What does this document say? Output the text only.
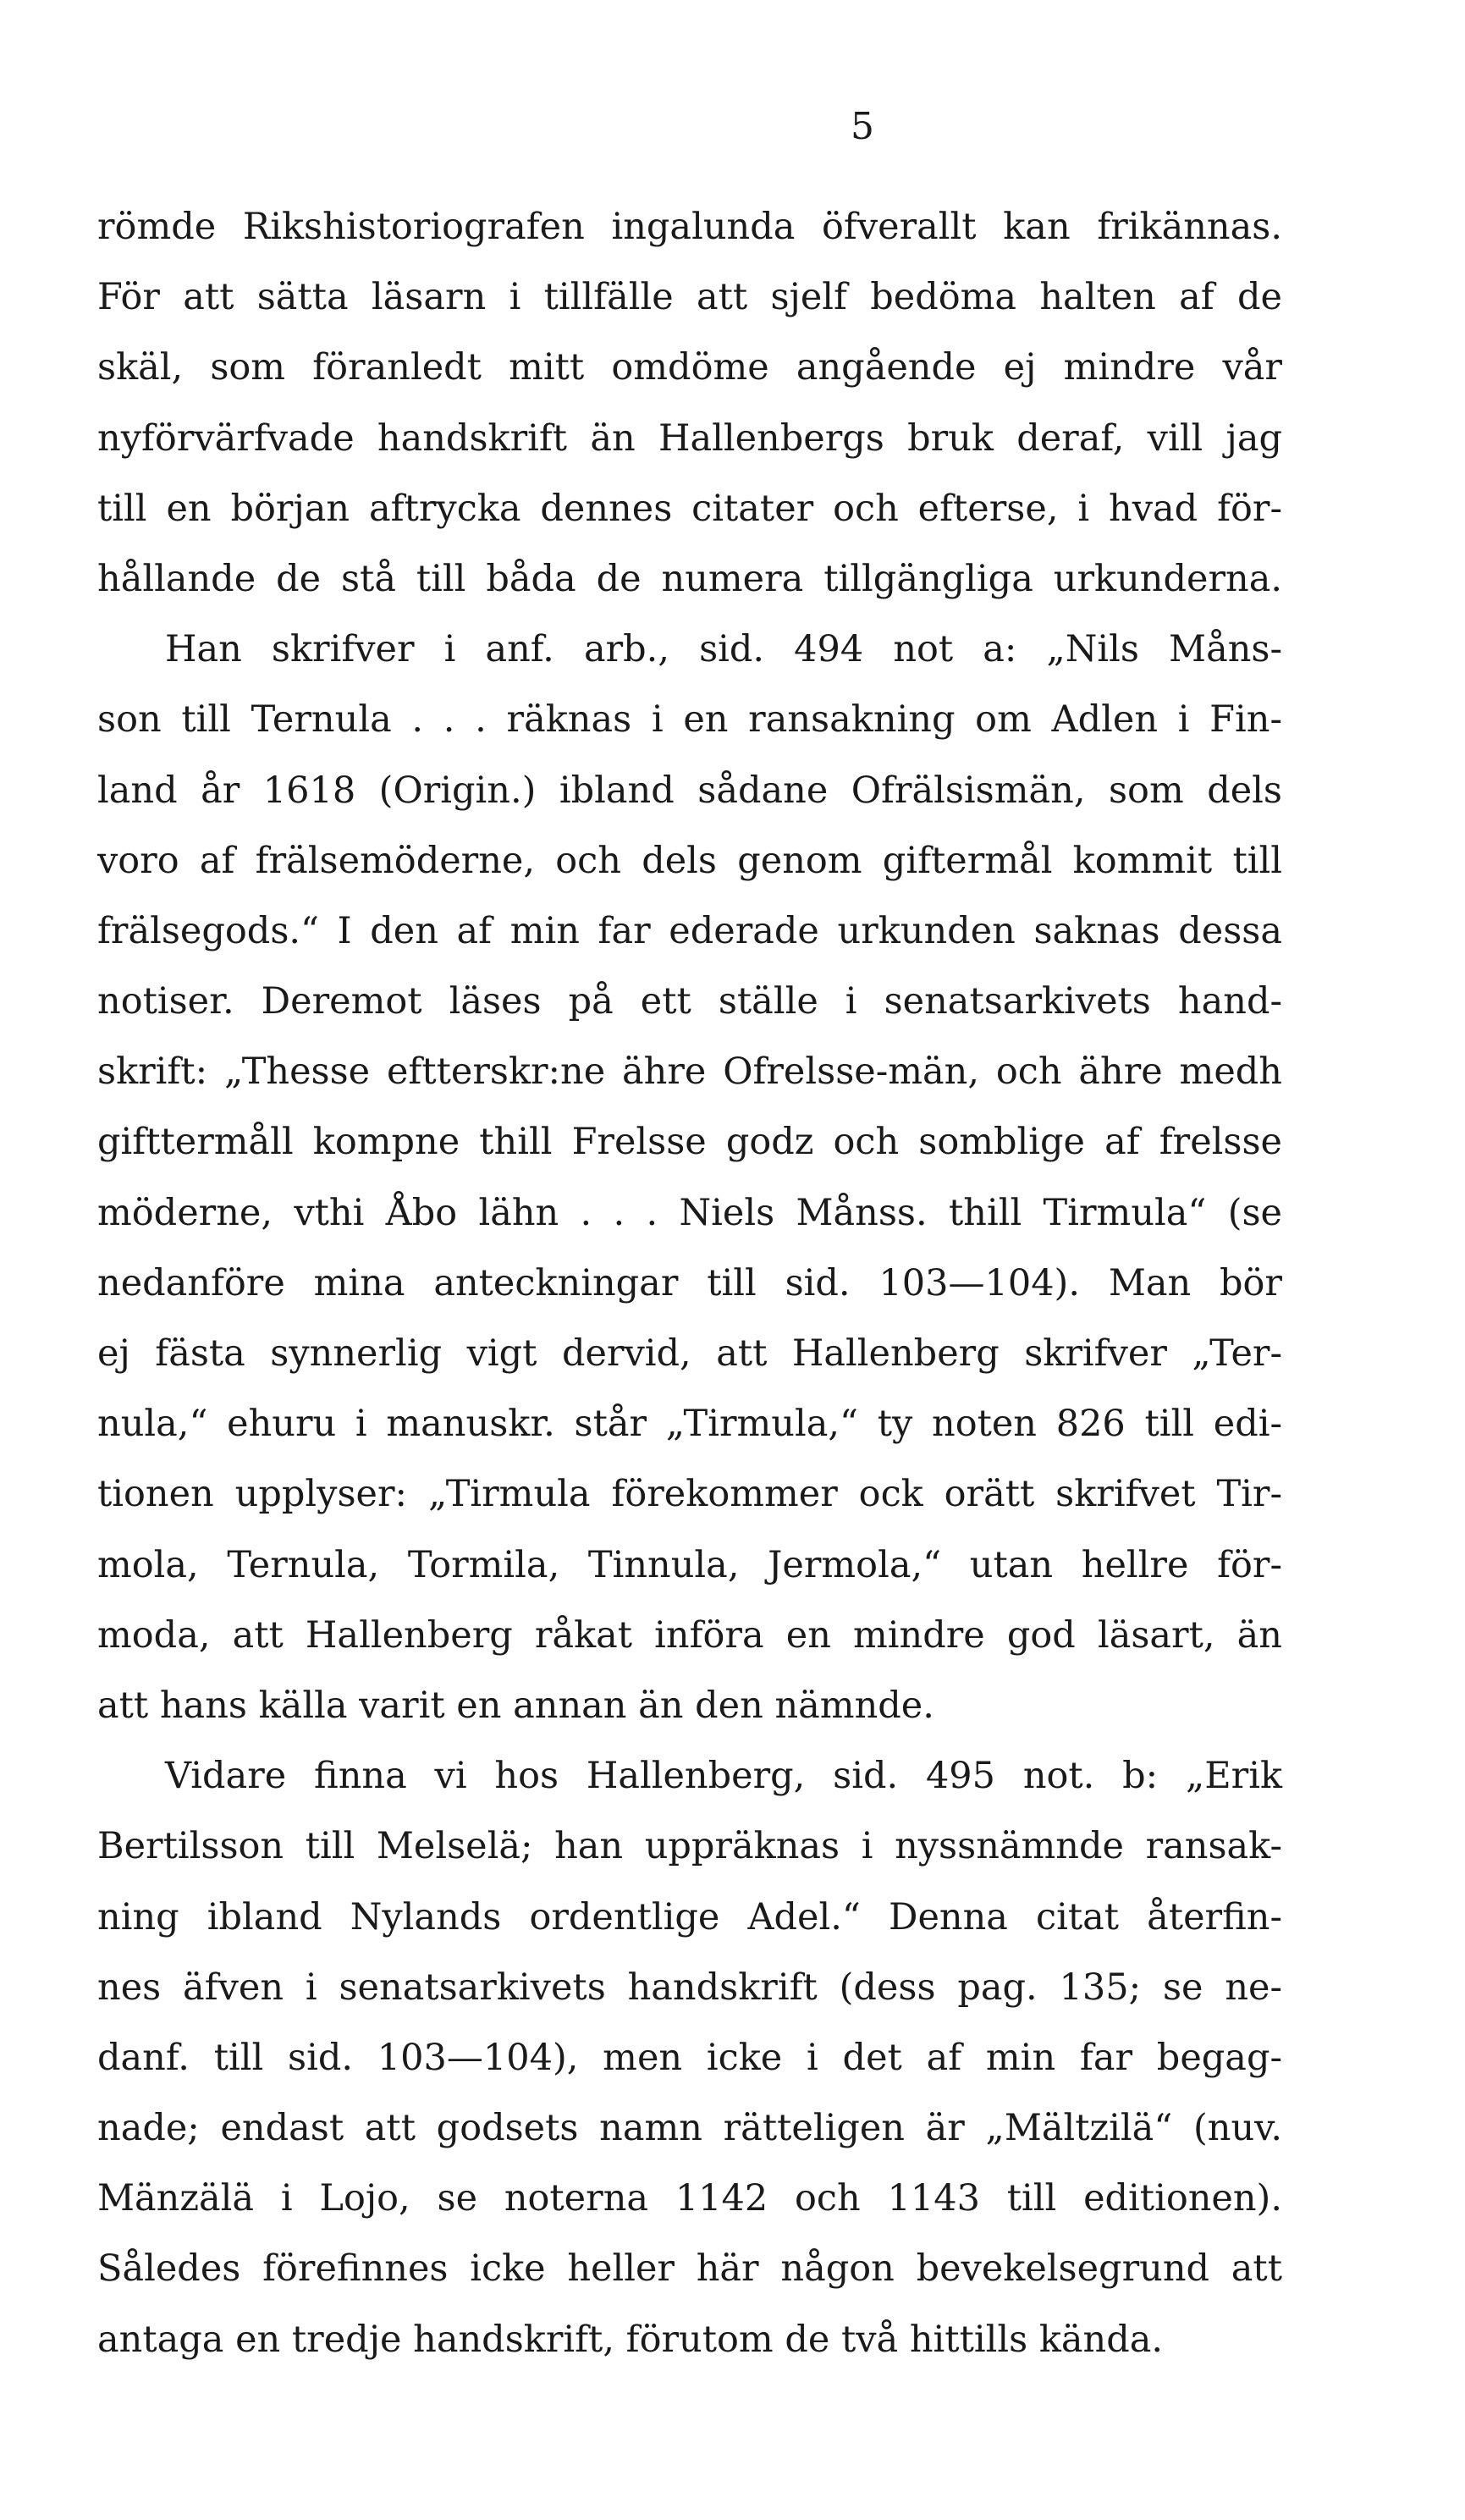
5
römde Rikshistoriografen ingalunda öfverallt kan frikännas.
För att sätta läsarn i tillfälle att sjelf bedöma halten af de
skäl, som föranledt mitt omdöme angående ej mindre vår
nyförvärfvade handskrift än Hallenbergs bruk deraf, vill jag
till en början aftrycka dennes citater och efterse, i hvad för-
hållande de stå till båda de numera tillgängliga urkunderna.
Han skrifver i anf. arb., sid. 494 not a: „Nils Måns-
son till Ternula . . . räknas i en ransakning om Adlen i Fin-
land år 1618 (Origin.) ibland sådane Ofrälsismän, som dels
voro af frälsemöderne, och dels genom giftermål kommit till
frälsegods.“ I den af min far ederade urkunden saknas dessa
notiser. Deremot läses på ett ställe i senatsarkivets hand-
skrift: „Thesse eftterskr:ne ähre Ofrelsse-män, och ähre medh
gifttermåll kompne thill Frelsse godz och somblige af frelsse
möderne, vthi Åbo lähn . . . Niels Månss. thill Tirmula“ (se
nedanföre mina anteckningar till sid. 103—104). Man bör
ej fästa synnerlig vigt dervid, att Hallenberg skrifver „Ter-
nula,“ ehuru i manuskr. står „Tirmula,“ ty noten 826 till edi-
tionen upplyser: „Tirmula förekommer ock orätt skrifvet Tir-
mola, Ternula, Tormila, Tinnula, Jermola,“ utan hellre för-
moda, att Hallenberg råkat införa en mindre god läsart, än
att hans källa varit en annan än den nämnde.
Vidare finna vi hos Hallenberg, sid. 495 not. b: „Erik
Bertilsson till Melselä; han uppräknas i nyssnämnde ransak-
ning ibland Nylands ordentlige Adel.“ Denna citat återfin-
nes äfven i senatsarkivets handskrift (dess pag. 135; se ne-
danf. till sid. 103—104), men icke i det af min far begag-
nade; endast att godsets namn rätteligen är „Mältzilä“ (nuv.
Mänzälä i Lojo, se noterna 1142 och 1143 till editionen).
Således förefinnes icke heller här någon bevekelsegrund att
antaga en tredje handskrift, förutom de två hittills kända.
